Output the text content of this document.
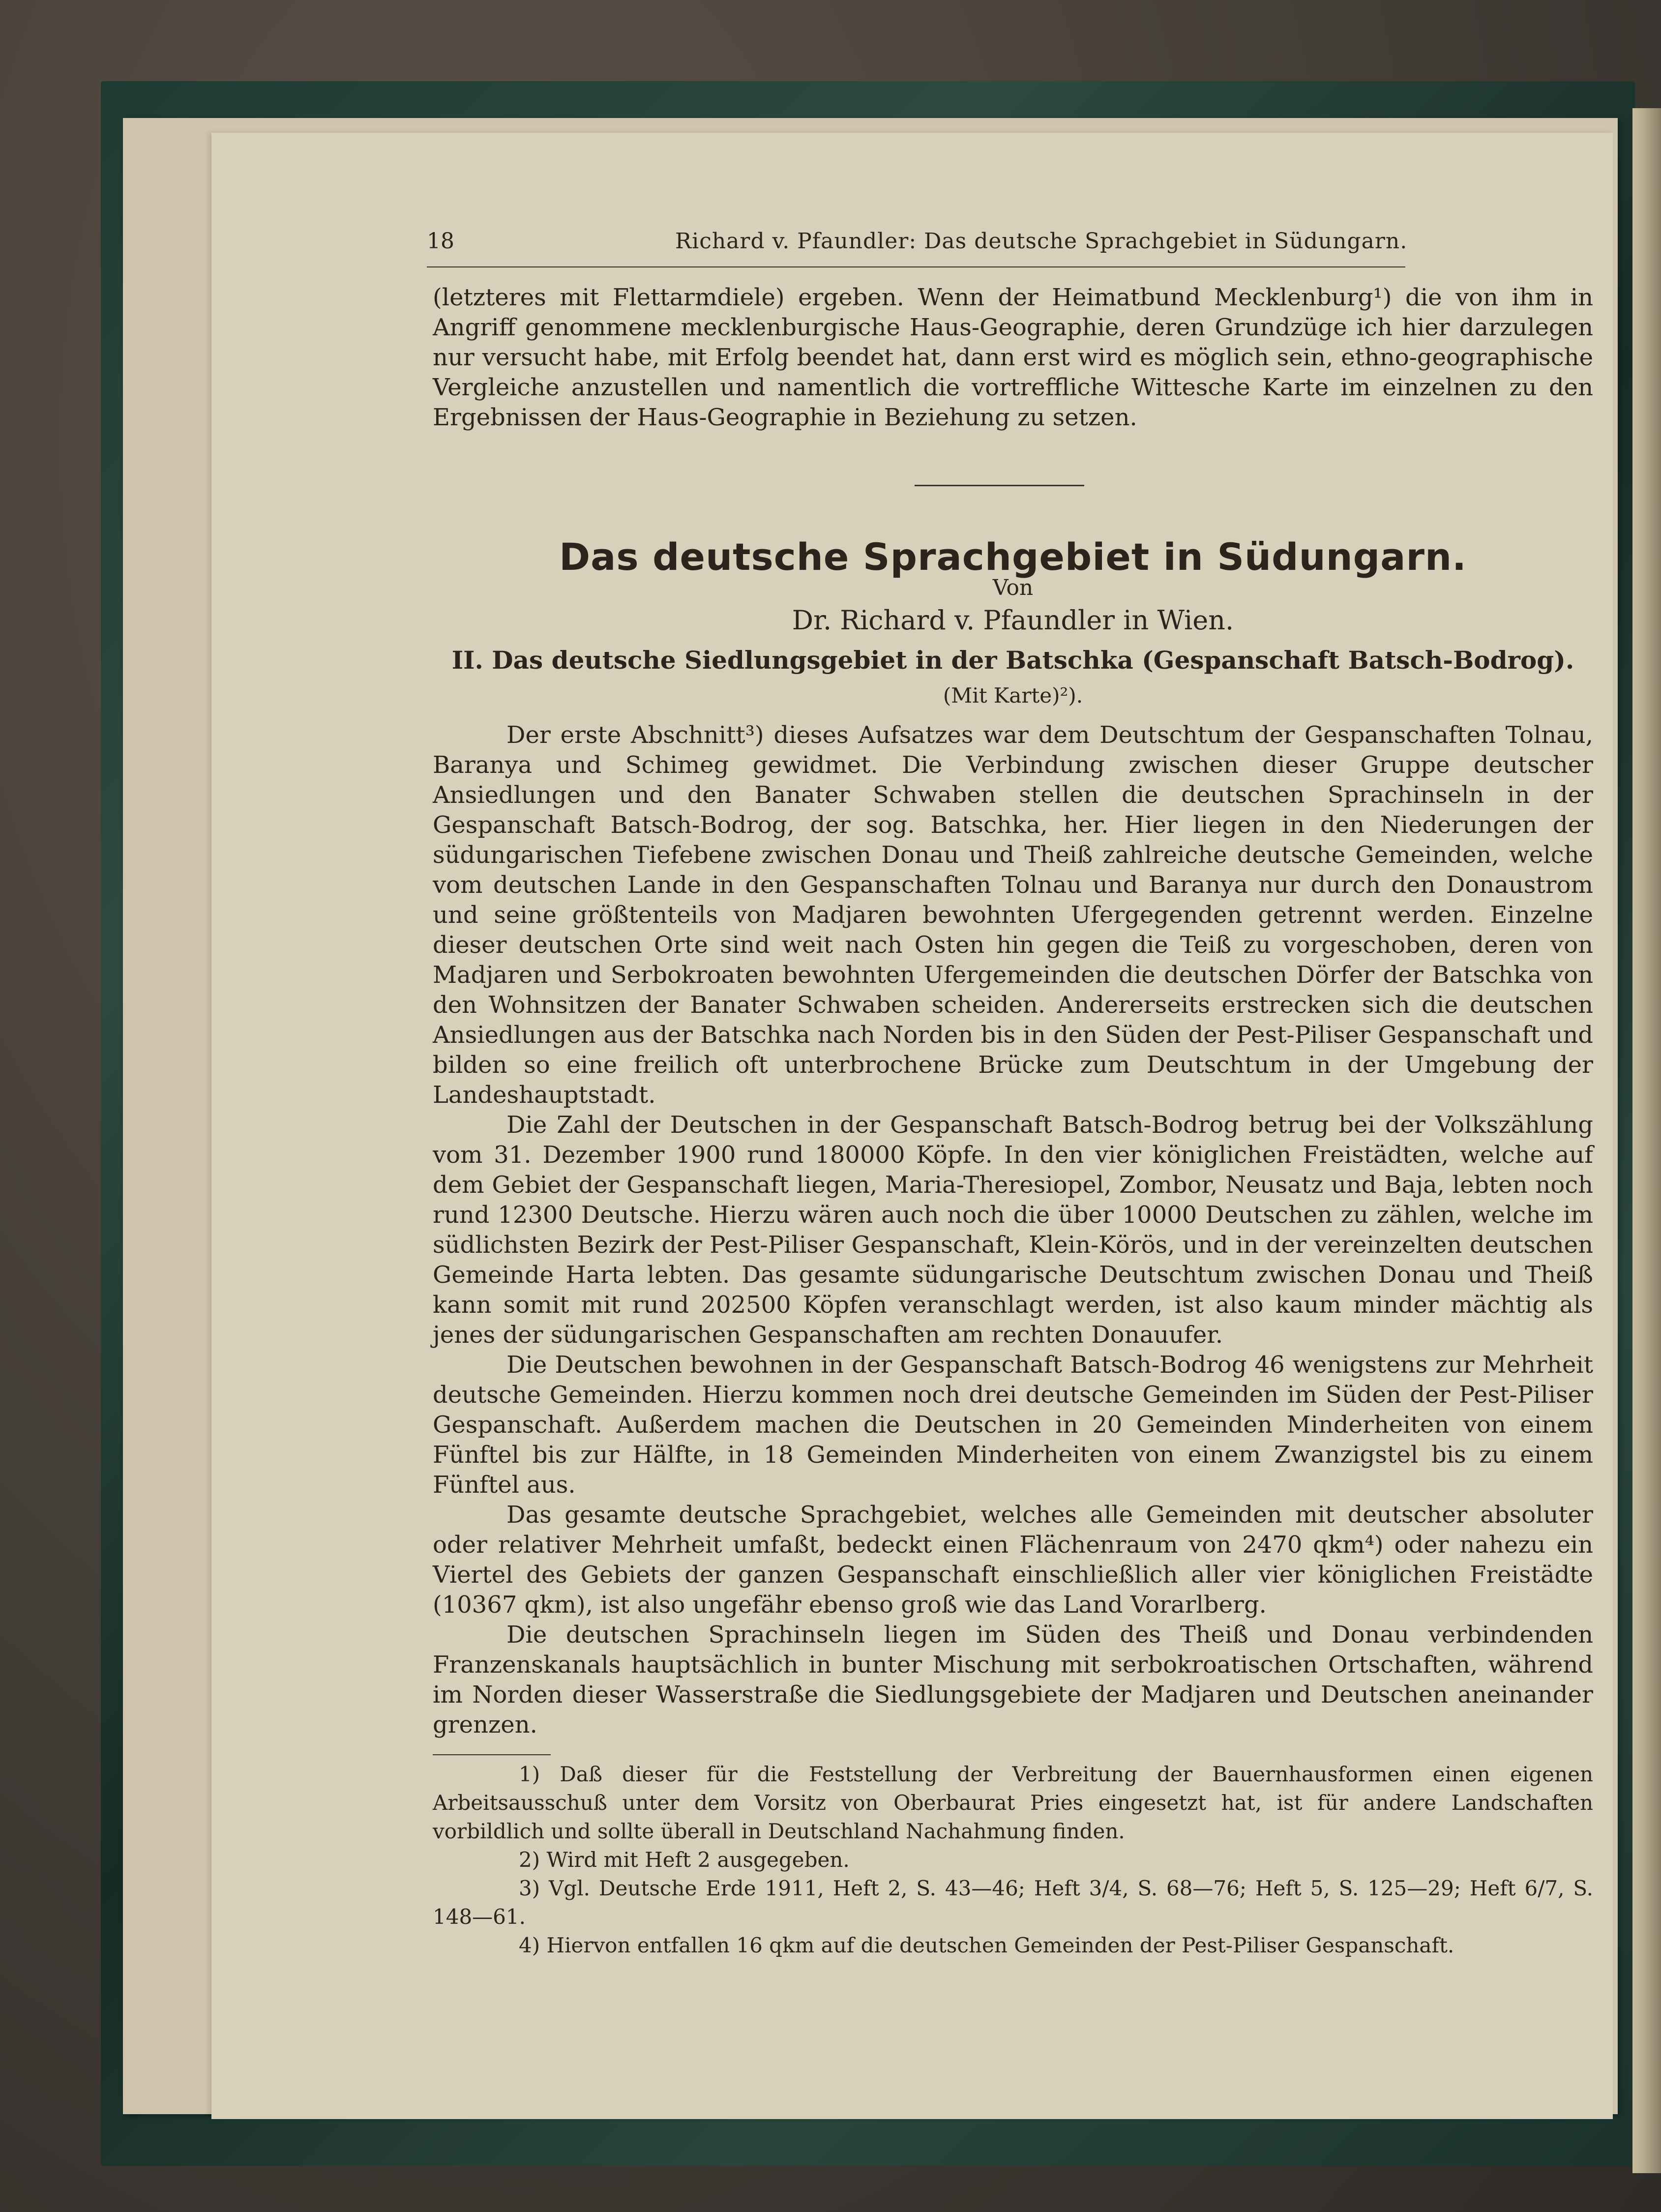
18	Richard v. Pfaundler: Das deutsche Sprachgebiet in Südungarn.

(letzteres mit Flettarmdiele) ergeben. Wenn der Heimatbund Mecklenburg¹) die von ihm in Angriff genommene mecklenburgische Haus-Geographie, deren Grundzüge ich hier darzulegen nur versucht habe, mit Erfolg beendet hat, dann erst wird es möglich sein, ethno-geographische Vergleiche anzustellen und namentlich die vortreffliche Wittesche Karte im einzelnen zu den Ergebnissen der Haus-Geographie in Beziehung zu setzen.

Das deutsche Sprachgebiet in Südungarn.
Von
Dr. Richard v. Pfaundler in Wien.
II. Das deutsche Siedlungsgebiet in der Batschka (Gespanschaft Batsch-Bodrog).
(Mit Karte)²).

Der erste Abschnitt³) dieses Aufsatzes war dem Deutschtum der Gespanschaften Tolnau, Baranya und Schimeg gewidmet. Die Verbindung zwischen dieser Gruppe deutscher Ansiedlungen und den Banater Schwaben stellen die deutschen Sprachinseln in der Gespanschaft Batsch-Bodrog, der sog. Batschka, her. Hier liegen in den Niederungen der südungarischen Tiefebene zwischen Donau und Theiß zahlreiche deutsche Gemeinden, welche vom deutschen Lande in den Gespanschaften Tolnau und Baranya nur durch den Donaustrom und seine größtenteils von Madjaren bewohnten Ufergegenden getrennt werden. Einzelne dieser deutschen Orte sind weit nach Osten hin gegen die Teiß zu vorgeschoben, deren von Madjaren und Serbokroaten bewohnten Ufergemeinden die deutschen Dörfer der Batschka von den Wohnsitzen der Banater Schwaben scheiden. Andererseits erstrecken sich die deutschen Ansiedlungen aus der Batschka nach Norden bis in den Süden der Pest-Piliser Gespanschaft und bilden so eine freilich oft unterbrochene Brücke zum Deutschtum in der Umgebung der Landeshauptstadt.

Die Zahl der Deutschen in der Gespanschaft Batsch-Bodrog betrug bei der Volkszählung vom 31. Dezember 1900 rund 180000 Köpfe. In den vier königlichen Freistädten, welche auf dem Gebiet der Gespanschaft liegen, Maria-Theresiopel, Zombor, Neusatz und Baja, lebten noch rund 12300 Deutsche. Hierzu wären auch noch die über 10000 Deutschen zu zählen, welche im südlichsten Bezirk der Pest-Piliser Gespanschaft, Klein-Körös, und in der vereinzelten deutschen Gemeinde Harta lebten. Das gesamte südungarische Deutschtum zwischen Donau und Theiß kann somit mit rund 202500 Köpfen veranschlagt werden, ist also kaum minder mächtig als jenes der südungarischen Gespanschaften am rechten Donauufer.

Die Deutschen bewohnen in der Gespanschaft Batsch-Bodrog 46 wenigstens zur Mehrheit deutsche Gemeinden. Hierzu kommen noch drei deutsche Gemeinden im Süden der Pest-Piliser Gespanschaft. Außerdem machen die Deutschen in 20 Gemeinden Minderheiten von einem Fünftel bis zur Hälfte, in 18 Gemeinden Minderheiten von einem Zwanzigstel bis zu einem Fünftel aus.

Das gesamte deutsche Sprachgebiet, welches alle Gemeinden mit deutscher absoluter oder relativer Mehrheit umfaßt, bedeckt einen Flächenraum von 2470 qkm⁴) oder nahezu ein Viertel des Gebiets der ganzen Gespanschaft einschließlich aller vier königlichen Freistädte (10367 qkm), ist also ungefähr ebenso groß wie das Land Vorarlberg.

Die deutschen Sprachinseln liegen im Süden des Theiß und Donau verbindenden Franzenskanals hauptsächlich in bunter Mischung mit serbokroatischen Ortschaften, während im Norden dieser Wasserstraße die Siedlungsgebiete der Madjaren und Deutschen aneinander grenzen.

1) Daß dieser für die Feststellung der Verbreitung der Bauernhausformen einen eigenen Arbeitsausschuß unter dem Vorsitz von Oberbaurat Pries eingesetzt hat, ist für andere Landschaften vorbildlich und sollte überall in Deutschland Nachahmung finden.

2) Wird mit Heft 2 ausgegeben.

3) Vgl. Deutsche Erde 1911, Heft 2, S. 43—46; Heft 3/4, S. 68—76; Heft 5, S. 125—29; Heft 6/7, S. 148—61.

4) Hiervon entfallen 16 qkm auf die deutschen Gemeinden der Pest-Piliser Gespanschaft.
